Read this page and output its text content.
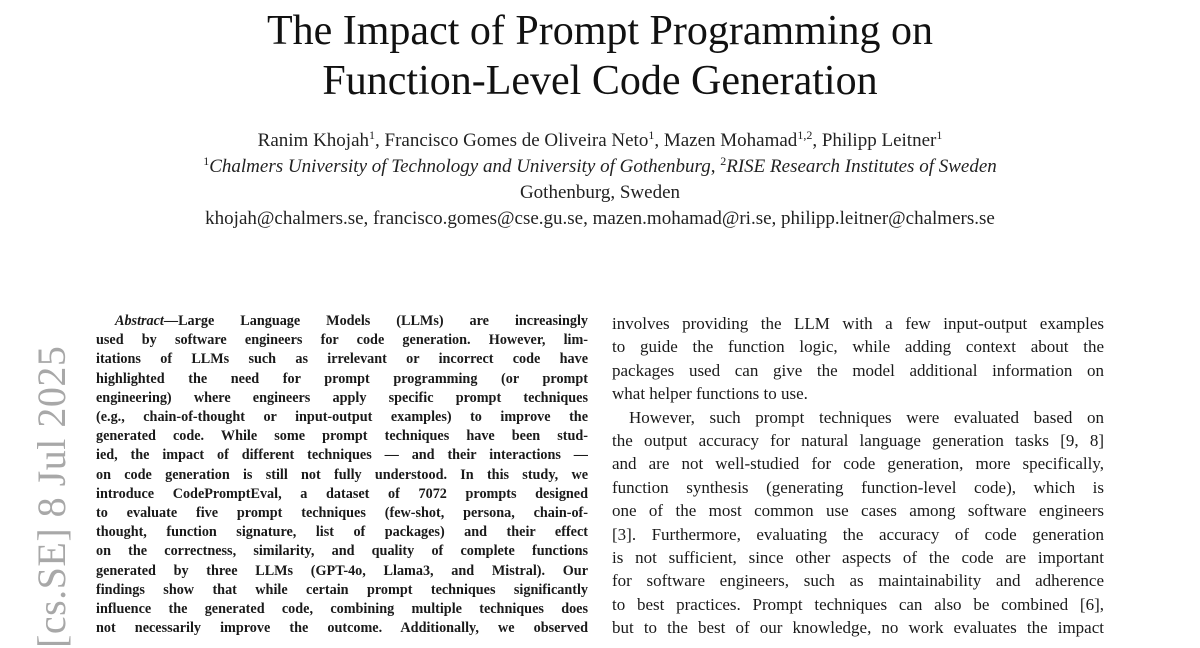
The Impact of Prompt Programming on
Function-Level Code Generation
Ranim Khojah$^1$, Francisco Gomes de Oliveira Neto$^1$, Mazen Mohamad$^{1,2}$, Philipp Leitner$^1$
$^1$Chalmers University of Technology and University of Gothenburg, $^2$RISE Research Institutes of Sweden
Gothenburg, Sweden
khojah@chalmers.se, francisco.gomes@cse.gu.se, mazen.mohamad@ri.se, philipp.leitner@chalmers.se
[cs.SE] 8 Jul 2025
Abstract—Large Language Models (LLMs) are increasingly
used by software engineers for code generation. However, lim-
itations of LLMs such as irrelevant or incorrect code have
highlighted the need for prompt programming (or prompt
engineering) where engineers apply specific prompt techniques
(e.g., chain-of-thought or input-output examples) to improve the
generated code. While some prompt techniques have been stud-
ied, the impact of different techniques — and their interactions —
on code generation is still not fully understood. In this study, we
introduce CodePromptEval, a dataset of 7072 prompts designed
to evaluate five prompt techniques (few-shot, persona, chain-of-
thought, function signature, list of packages) and their effect
on the correctness, similarity, and quality of complete functions
generated by three LLMs (GPT-4o, Llama3, and Mistral). Our
findings show that while certain prompt techniques significantly
influence the generated code, combining multiple techniques does
not necessarily improve the outcome. Additionally, we observed
involves providing the LLM with a few input-output examples
to guide the function logic, while adding context about the
packages used can give the model additional information on
what helper functions to use.
However, such prompt techniques were evaluated based on
the output accuracy for natural language generation tasks [9, 8]
and are not well-studied for code generation, more specifically,
function synthesis (generating function-level code), which is
one of the most common use cases among software engineers
[3]. Furthermore, evaluating the accuracy of code generation
is not sufficient, since other aspects of the code are important
for software engineers, such as maintainability and adherence
to best practices. Prompt techniques can also be combined [6],
but to the best of our knowledge, no work evaluates the impact
